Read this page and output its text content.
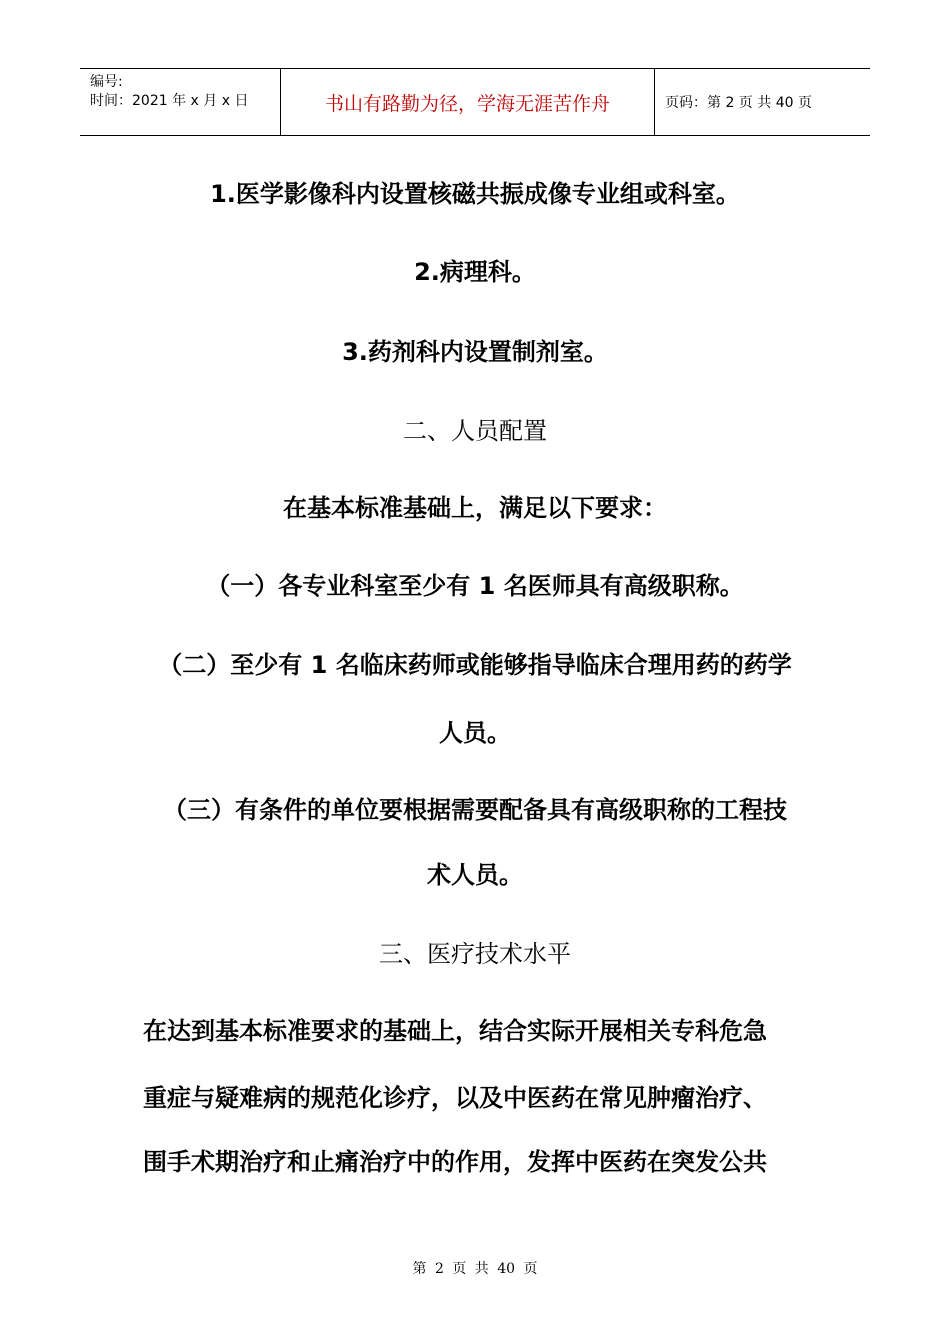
编号:
时间：2021 年 x 月 x 日	书山有路勤为径，学海无涯苦作舟	页码：第 2 页 共 40 页
1.医学影像科内设置核磁共振成像专业组或科室。
2.病理科。
3.药剂科内设置制剂室。
二、人员配置
在基本标准基础上，满足以下要求：
（一）各专业科室至少有 1 名医师具有高级职称。
（二）至少有 1 名临床药师或能够指导临床合理用药的药学
人员。
（三）有条件的单位要根据需要配备具有高级职称的工程技
术人员。
三、医疗技术水平
在达到基本标准要求的基础上，结合实际开展相关专科危急
重症与疑难病的规范化诊疗，以及中医药在常见肿瘤治疗、
围手术期治疗和止痛治疗中的作用，发挥中医药在突发公共
第 2 页 共 40 页
